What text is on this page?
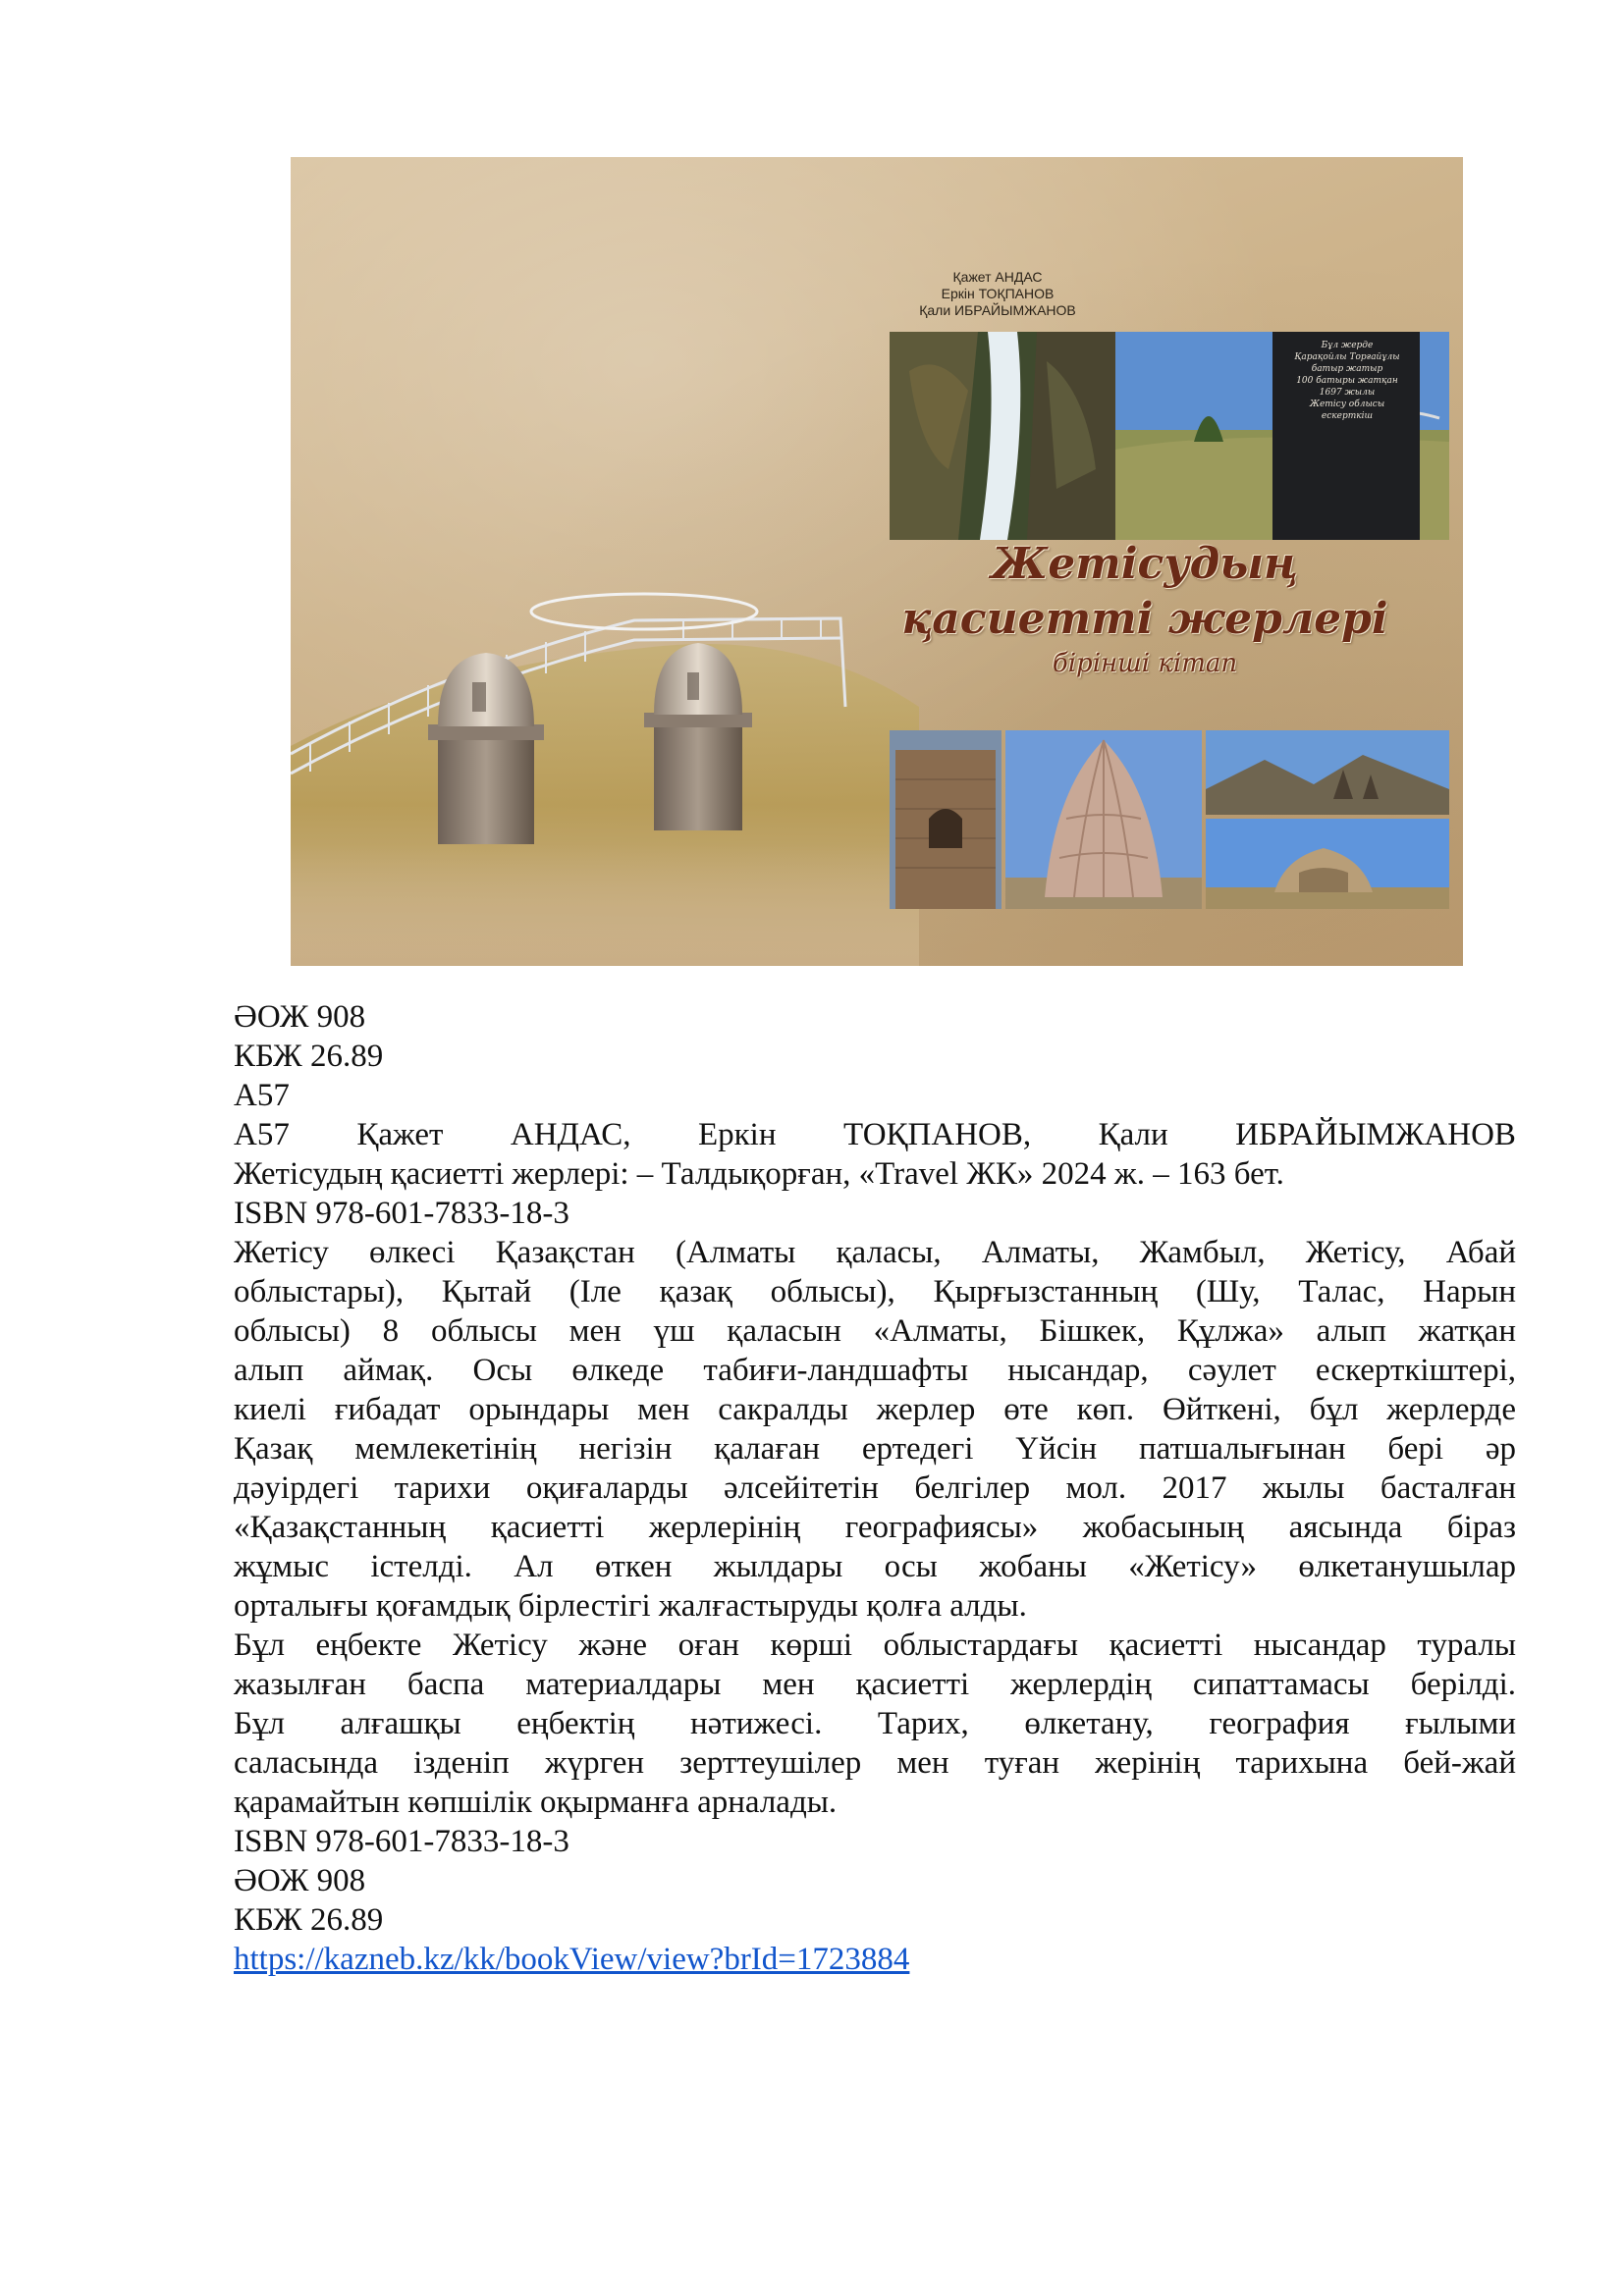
Қажет АНДАС
Еркін ТОҚПАНОВ
Қали ИБРАЙЫМЖАНОВ
Бұл жерде
Қарақойлы Торғайұлы
батыр жатыр
100 батыры жатқан
1697 жылы
Жетісу облысы
ескерткіш
Жетісудың
қасиетті жерлері
бірінші кітап
ӘОЖ 908
КБЖ 26.89
А57
А57 Қажет АНДАС, Еркін ТОҚПАНОВ, Қали ИБРАЙЫМЖАНОВ
Жетісудың қасиетті жерлері: – Талдықорған, «Travel ЖК» 2024 ж. – 163 бет.
ISBN 978-601-7833-18-3
Жетісу өлкесі Қазақстан (Алматы қаласы, Алматы, Жамбыл, Жетісу, Абай
облыстары), Қытай (Іле қазақ облысы), Қырғызстанның (Шу, Талас, Нарын
облысы) 8 облысы мен үш қаласын «Алматы, Бішкек, Құлжа» алып жатқан
алып аймақ. Осы өлкеде табиғи-ландшафты нысандар, сәулет ескерткіштері,
киелі ғибадат орындары мен сакралды жерлер өте көп. Өйткені, бұл жерлерде
Қазақ мемлекетінің негізін қалаған ертедегі Үйсін патшалығынан бері әр
дәуірдегі тарихи оқиғаларды әлсейітетін белгілер мол. 2017 жылы басталған
«Қазақстанның қасиетті жерлерінің географиясы» жобасының аясында біраз
жұмыс істелді. Ал өткен жылдары осы жобаны «Жетісу» өлкетанушылар
орталығы қоғамдық бірлестігі жалғастыруды қолға алды.
Бұл еңбекте Жетісу және оған көрші облыстардағы қасиетті нысандар туралы
жазылған баспа материалдары мен қасиетті жерлердің сипаттамасы берілді.
Бұл алғашқы еңбектің нәтижесі. Тарих, өлкетану, география ғылыми
саласында ізденіп жүрген зерттеушілер мен туған жерінің тарихына бей-жай
қарамайтын көпшілік оқырманға арналады.
ISBN 978-601-7833-18-3
ӘОЖ 908
КБЖ 26.89
https://kazneb.kz/kk/bookView/view?brId=1723884
